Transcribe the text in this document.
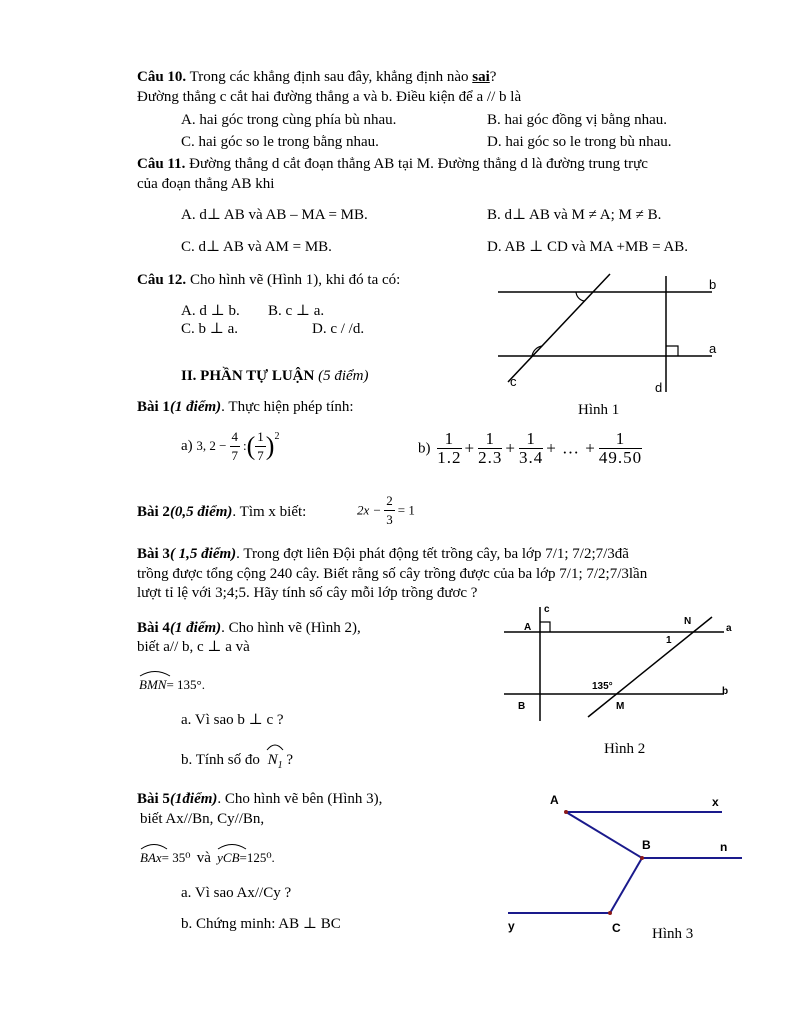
Câu 10. Trong các khẳng định sau đây, khẳng định nào sai?
Đường thẳng c cắt hai đường thẳng a và b. Điều kiện để a // b là
A. hai góc trong cùng phía bù nhau.	B. hai góc đồng vị bằng nhau.
C. hai góc so le trong bằng nhau.	D. hai góc so le trong bù nhau.
Câu 11. Đường thẳng d cắt đoạn thẳng AB tại M. Đường thẳng d là đường trung trực
của đoạn thẳng AB khi
A. d⊥ AB và AB – MA = MB.	B. d⊥ AB và M ≠ A; M ≠ B.
C. d⊥ AB và AM = MB.	D. AB ⊥ CD và MA +MB = AB.
Câu 12. Cho hình vẽ (Hình 1), khi đó ta có:
A. d ⊥ b. B. c ⊥ a.
C. b ⊥ a.	D. c / /d.
b
a
c	d
Hình 1
II. PHẦN TỰ LUẬN (5 điểm)
Bài 1(1 điểm). Thực hiện phép tính:
a) 3, $2 - \frac{4}{7}$ :( $\frac{1}{7} )^2$
$b) \frac{1}{1.2} + \frac{1}{2.3} + \frac{1}{3.4}$ + … + $\frac{1}{49.50}$
Bài 2(0,5 điểm). Tìm x biết:	$2x - \frac{2}{3} = 1$
Bài 3( 1,5 điểm). Trong đợt liên Đội phát động tết trồng cây, ba lớp 7/1; 7/2;7/3đã
trồng được tổng cộng 240 cây. Biết rằng số cây trồng được của ba lớp 7/1; 7/2;7/3lần
lượt tỉ lệ với 3;4;5. Hãy tính số cây mỗi lớp trồng đươc ?
Bài 4(1 điểm). Cho hình vẽ (Hình 2),
biết a// b, c ⊥ a và
BMN= 135°.
a. Vì sao b ⊥ c ?
b. Tính số đo $N_1$ ?
c
A
N
a
1
135°	b
B	M
Hình 2
Bài 5(1điểm). Cho hình vẽ bên (Hình 3),
biết Ax//Bn, Cy//Bn,
BAx= 35⁰ và yCB=125⁰.
a. Vì sao Ax//Cy ?
b. Chứng minh: AB ⊥ BC
A	x
B	n
y	C Hình 3
